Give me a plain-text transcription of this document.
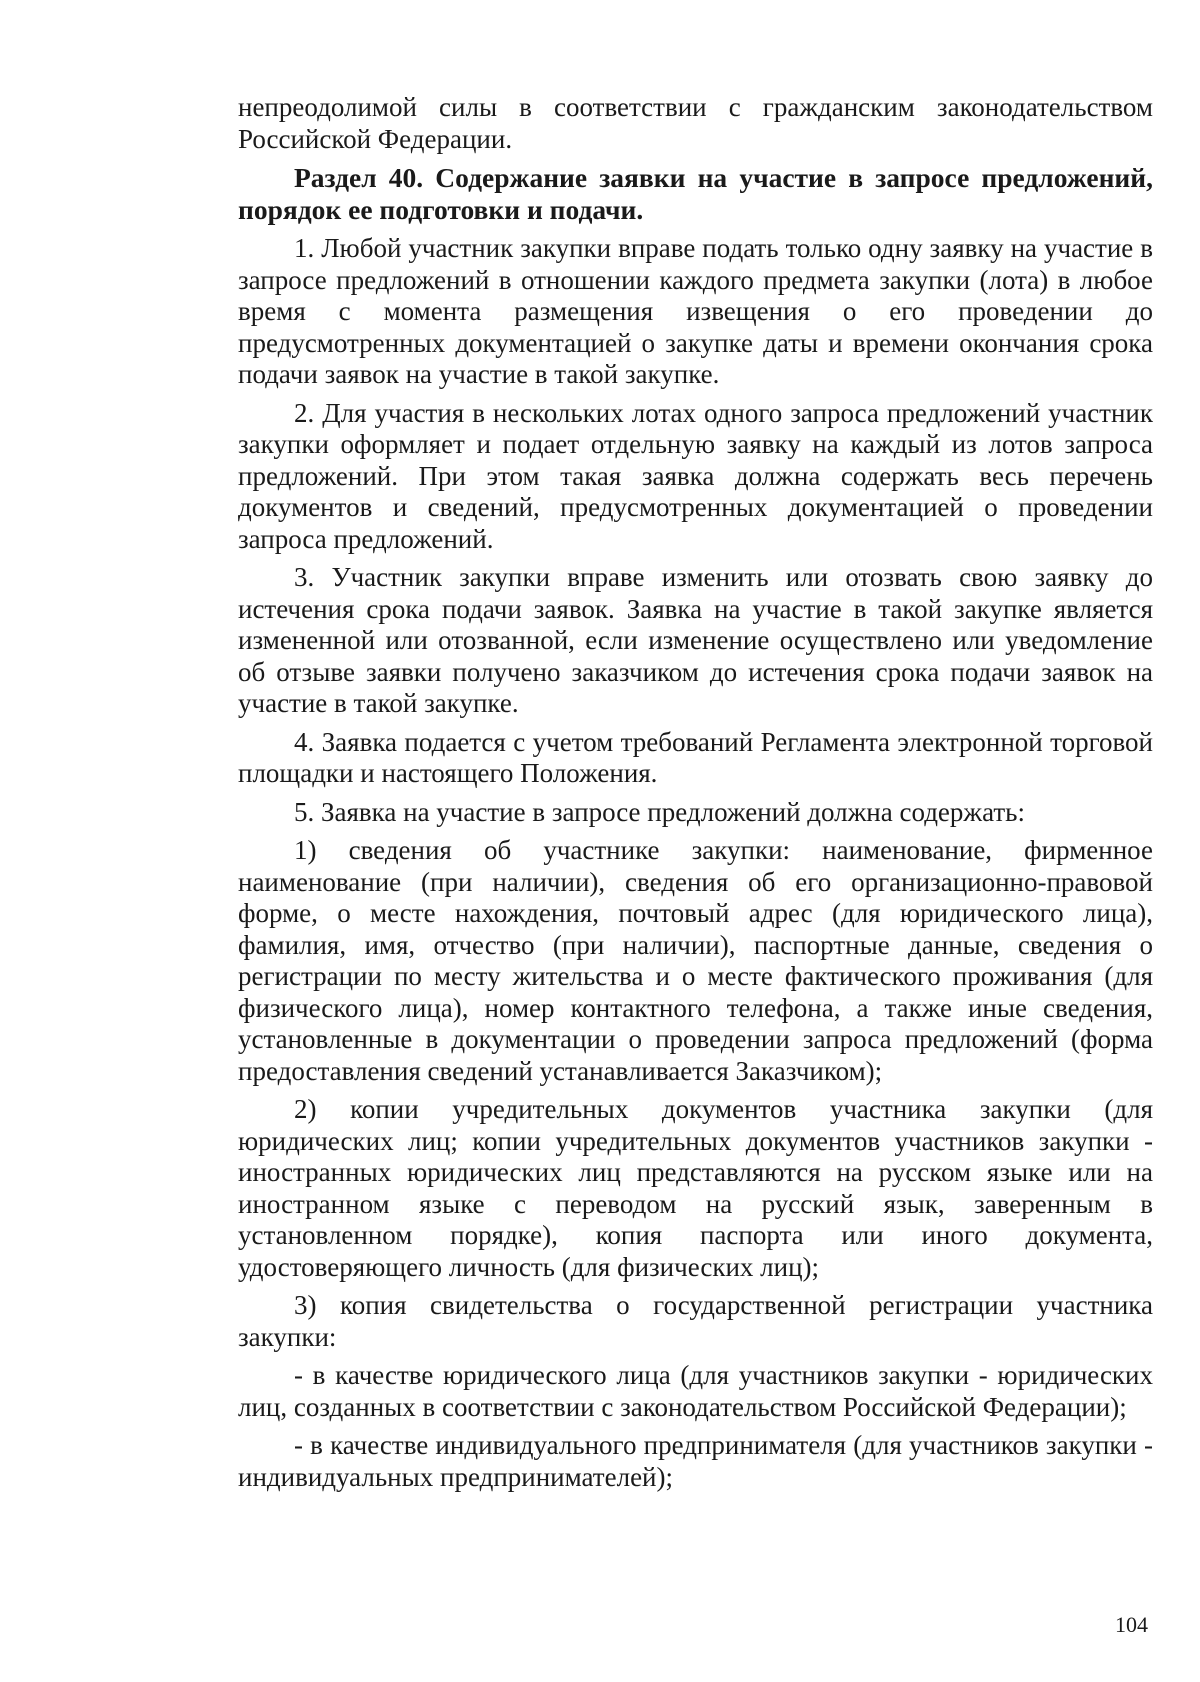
непреодолимой силы в соответствии с гражданским законодательством Российской Федерации.

Раздел 40. Содержание заявки на участие в запросе предложений, порядок ее подготовки и подачи.

1. Любой участник закупки вправе подать только одну заявку на участие в запросе предложений в отношении каждого предмета закупки (лота) в любое время с момента размещения извещения о его проведении до предусмотренных документацией о закупке даты и времени окончания срока подачи заявок на участие в такой закупке.

2. Для участия в нескольких лотах одного запроса предложений участник закупки оформляет и подает отдельную заявку на каждый из лотов запроса предложений. При этом такая заявка должна содержать весь перечень документов и сведений, предусмотренных документацией о проведении запроса предложений.

3. Участник закупки вправе изменить или отозвать свою заявку до истечения срока подачи заявок. Заявка на участие в такой закупке является измененной или отозванной, если изменение осуществлено или уведомление об отзыве заявки получено заказчиком до истечения срока подачи заявок на участие в такой закупке.

4. Заявка подается с учетом требований Регламента электронной торговой площадки и настоящего Положения.

5. Заявка на участие в запросе предложений должна содержать:

1) сведения об участнике закупки: наименование, фирменное наименование (при наличии), сведения об его организационно-правовой форме, о месте нахождения, почтовый адрес (для юридического лица), фамилия, имя, отчество (при наличии), паспортные данные, сведения о регистрации по месту жительства и о месте фактического проживания (для физического лица), номер контактного телефона, а также иные сведения, установленные в документации о проведении запроса предложений (форма предоставления сведений устанавливается Заказчиком);

2) копии учредительных документов участника закупки (для юридических лиц; копии учредительных документов участников закупки - иностранных юридических лиц представляются на русском языке или на иностранном языке с переводом на русский язык, заверенным в установленном порядке), копия паспорта или иного документа, удостоверяющего личность (для физических лиц);

3) копия свидетельства о государственной регистрации участника закупки:

- в качестве юридического лица (для участников закупки - юридических лиц, созданных в соответствии с законодательством Российской Федерации);

- в качестве индивидуального предпринимателя (для участников закупки - индивидуальных предпринимателей);

104
